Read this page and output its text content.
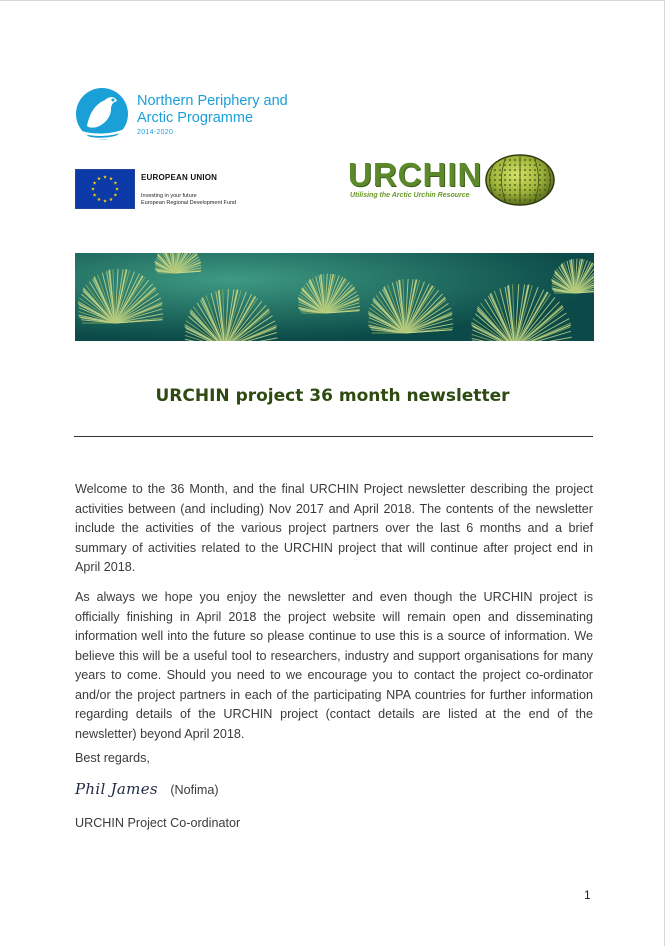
Northern Periphery and
Arctic Programme
2014-2020
EUROPEAN UNION
Investing in your future
European Regional Development Fund
URCHIN
Utilising the Arctic Urchin Resource
URCHIN project 36 month newsletter

Welcome to the 36 Month, and the final URCHIN Project newsletter describing the project activities between (and including) Nov 2017 and April 2018. The contents of the newsletter include the activities of the various project partners over the last 6 months and a brief summary of activities related to the URCHIN project that will continue after project end in April 2018.

As always we hope you enjoy the newsletter and even though the URCHIN project is officially finishing in April 2018 the project website will remain open and disseminating information well into the future so please continue to use this is a source of information. We believe this will be a useful tool to researchers, industry and support organisations for many years to come. Should you need to we encourage you to contact the project co-ordinator and/or the project partners in each of the participating NPA countries for further information regarding details of the URCHIN project (contact details are listed at the end of the newsletter) beyond April 2018.

Best regards,

Phil James (Nofima)

URCHIN Project Co-ordinator

1
